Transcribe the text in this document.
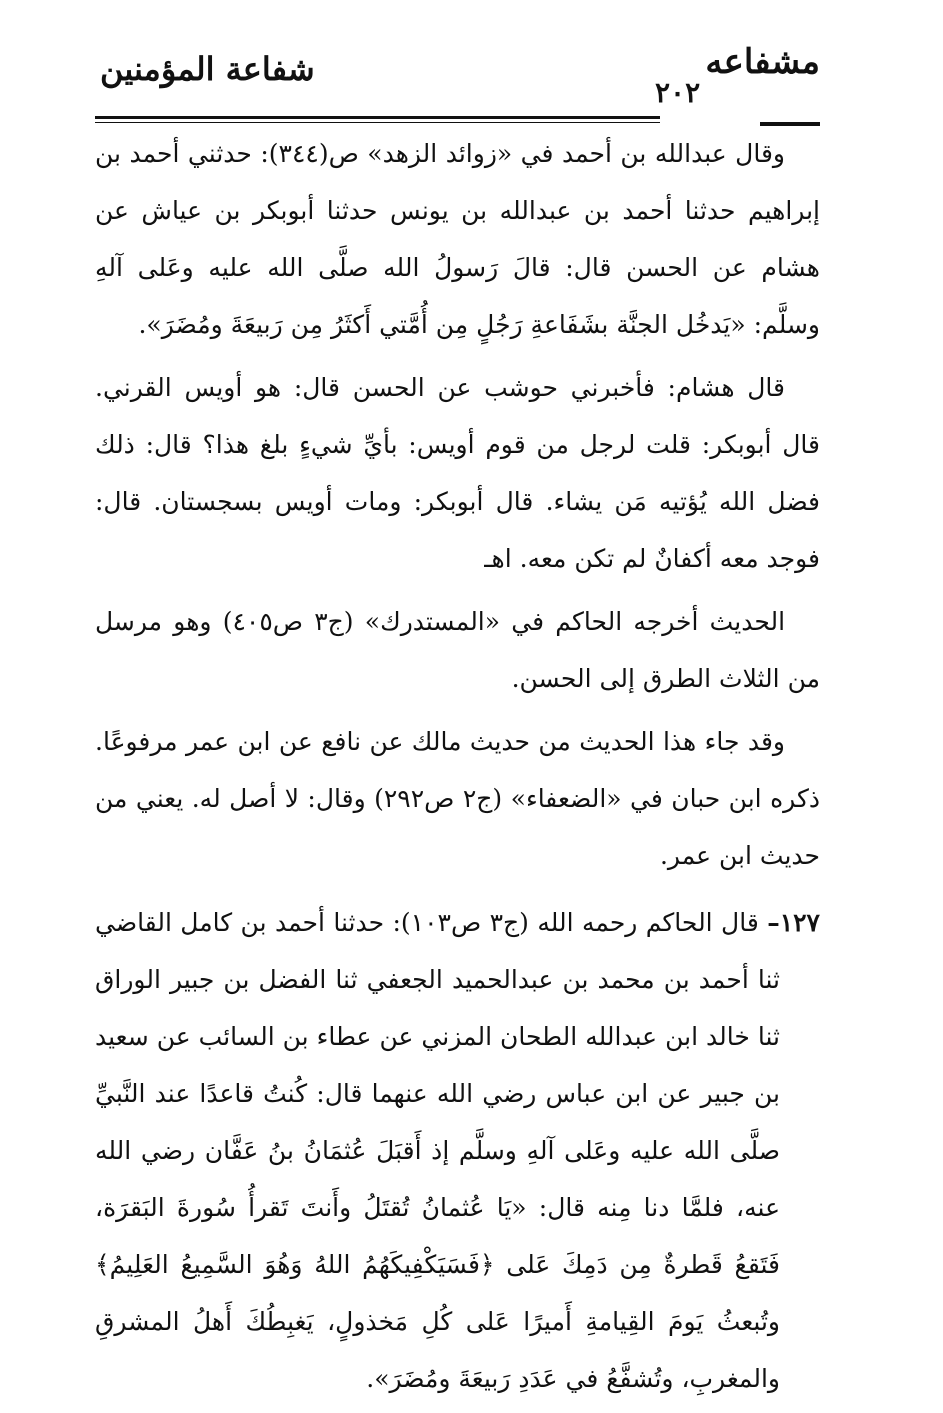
شفاعة المؤمنين	مشفاعه
٢٠٢

وقال عبدالله بن أحمد في «زوائد الزهد» ص(٣٤٤): حدثني أحمد بن إبراهيم حدثنا أحمد بن عبدالله بن يونس حدثنا أبوبكر بن عياش عن هشام عن الحسن قال: قالَ رَسولُ الله صلَّى الله عليه وعَلى آلهِ وسلَّم: «يَدخُل الجنَّة بشَفَاعةِ رَجُلٍ مِن أُمَّتي أَكثَرُ مِن رَبيعَةَ ومُضَرَ».

قال هشام: فأخبرني حوشب عن الحسن قال: هو أويس القرني. قال أبوبكر: قلت لرجل من قوم أويس: بأيِّ شيءٍ بلغ هذا؟ قال: ذلك فضل الله يُؤتيه مَن يشاء. قال أبوبكر: ومات أويس بسجستان. قال: فوجد معه أكفانٌ لم تكن معه. اهـ

الحديث أخرجه الحاكم في «المستدرك» (ج٣ ص٤٠٥) وهو مرسل من الثلاث الطرق إلى الحسن.

وقد جاء هذا الحديث من حديث مالك عن نافع عن ابن عمر مرفوعًا. ذكره ابن حبان في «الضعفاء» (ج٢ ص٢٩٢) وقال: لا أصل له. يعني من حديث ابن عمر.

١٢٧– قال الحاكم رحمه الله (ج٣ ص١٠٣): حدثنا أحمد بن كامل القاضي ثنا أحمد بن محمد بن عبدالحميد الجعفي ثنا الفضل بن جبير الوراق ثنا خالد ابن عبدالله الطحان المزني عن عطاء بن السائب عن سعيد بن جبير عن ابن عباس رضي الله عنهما قال: كُنتُ قاعدًا عند النَّبيِّ صلَّى الله عليه وعَلى آلهِ وسلَّم إذ أَقبَلَ عُثمَانُ بنُ عَفَّان رضي الله عنه، فلمَّا دنا مِنه قال: «يَا عُثمانُ تُقتَلُ وأَنتَ تَقرأُ سُورةَ البَقرَة، فَتَقعُ قَطرةٌ مِن دَمِكَ عَلى ﴿فَسَيَكْفِيكَهُمُ اللهُ وَهُوَ السَّمِيعُ العَلِيمُ﴾ وتُبعثُ يَومَ القِيامةِ أَميرًا عَلى كُلِ مَخذولٍ، يَغبِطُكَ أَهلُ المشرقِ والمغربِ، وتُشفَّعُ في عَدَدِ رَبيعَةَ ومُضَرَ».
